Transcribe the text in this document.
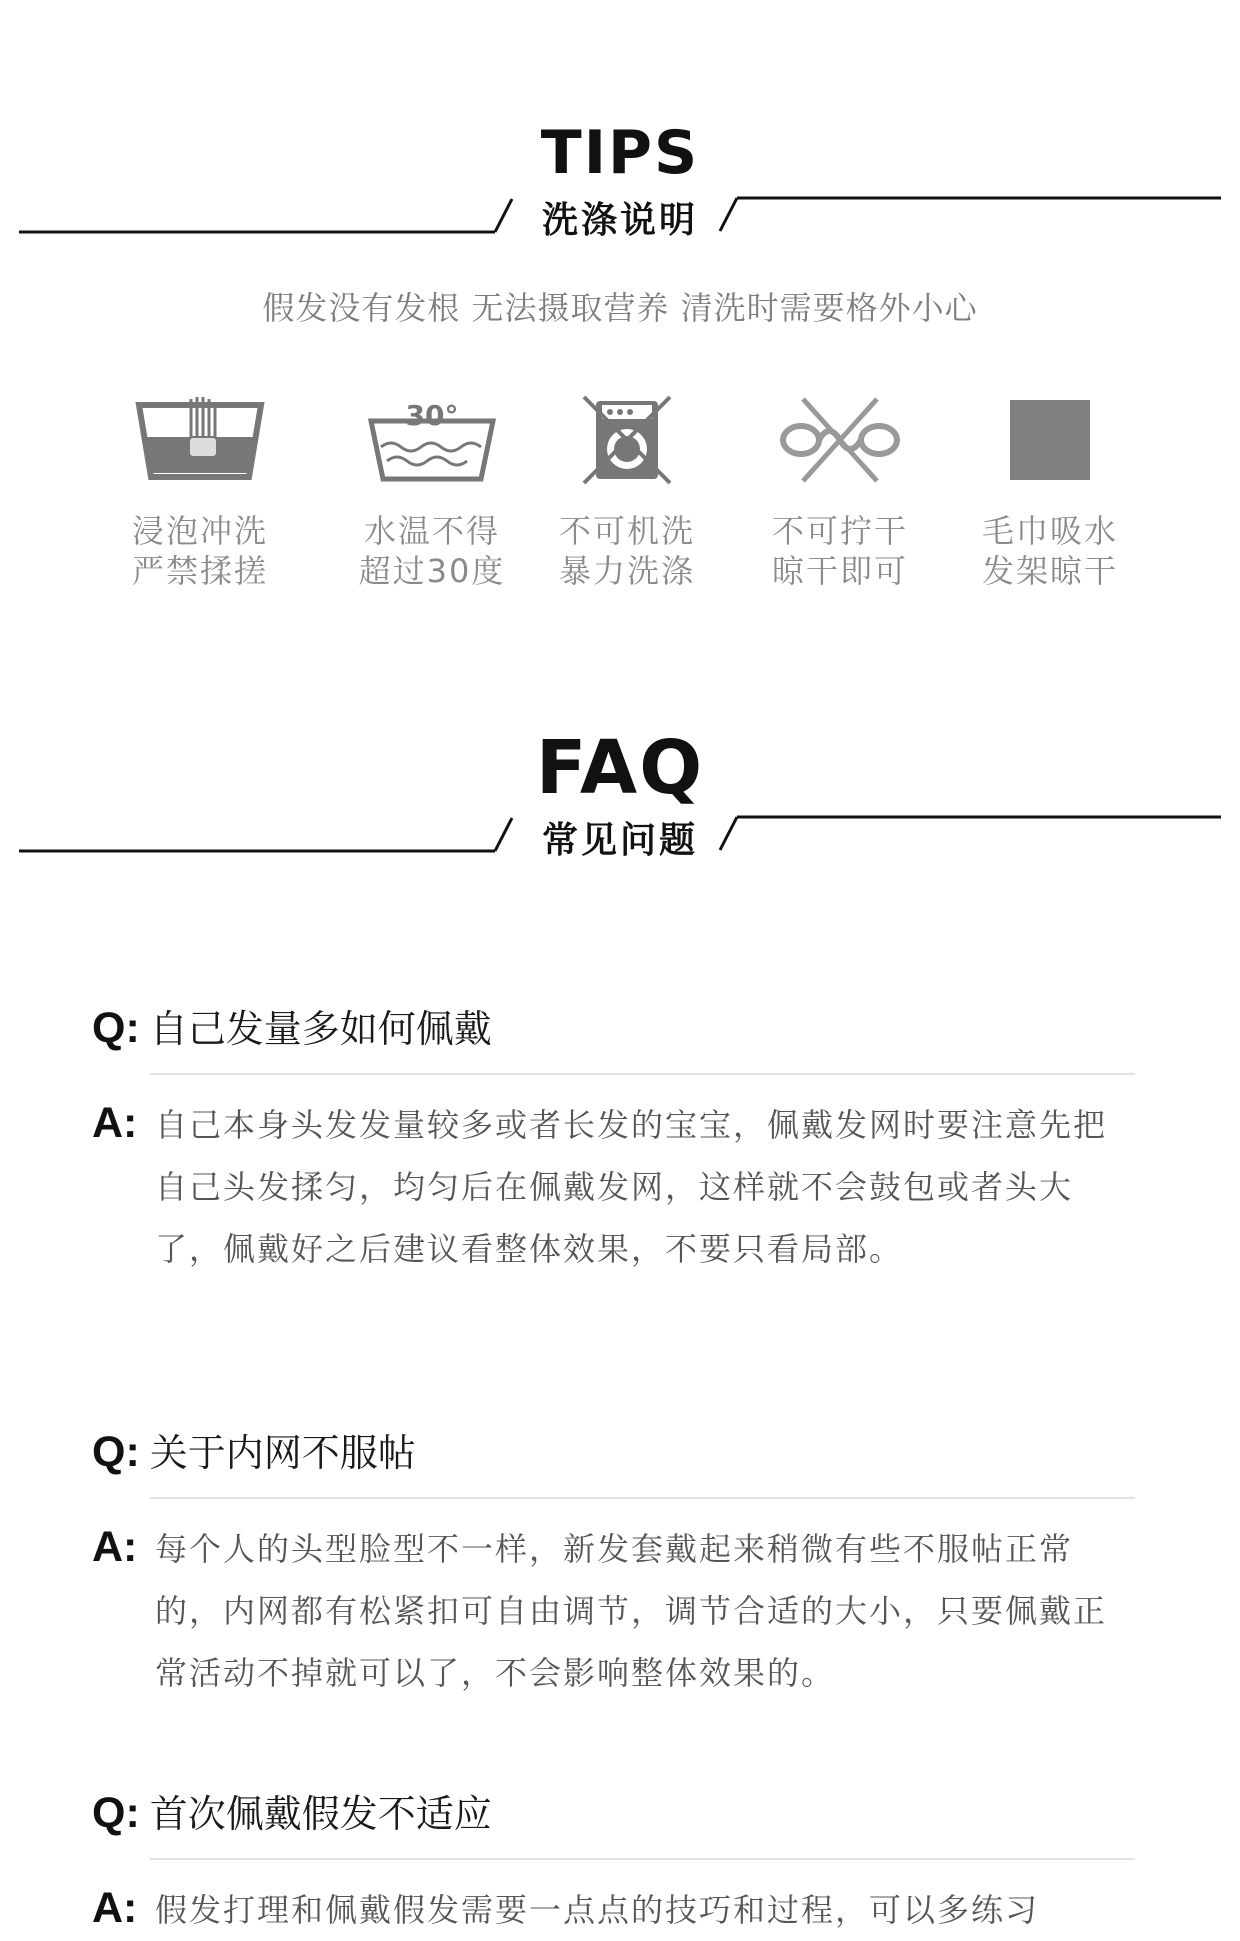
TIPS
洗涤说明

假发没有发根 无法摄取营养 清洗时需要格外小心

浸泡冲洗
严禁揉搓
30°
水温不得
超过30度
不可机洗
暴力洗涤
不可拧干
晾干即可
毛巾吸水
发架晾干
FAQ
常见问题
Q: 自己发量多如何佩戴
A: 自己本身头发发量较多或者长发的宝宝，佩戴发网时要注意先把自己头发揉匀，均匀后在佩戴发网，这样就不会鼓包或者头大了，佩戴好之后建议看整体效果，不要只看局部。

Q: 关于内网不服帖
A: 每个人的头型脸型不一样，新发套戴起来稍微有些不服帖正常的，内网都有松紧扣可自由调节，调节合适的大小，只要佩戴正常活动不掉就可以了，不会影响整体效果的。

Q: 首次佩戴假发不适应
A: 假发打理和佩戴假发需要一点点的技巧和过程，可以多练习
